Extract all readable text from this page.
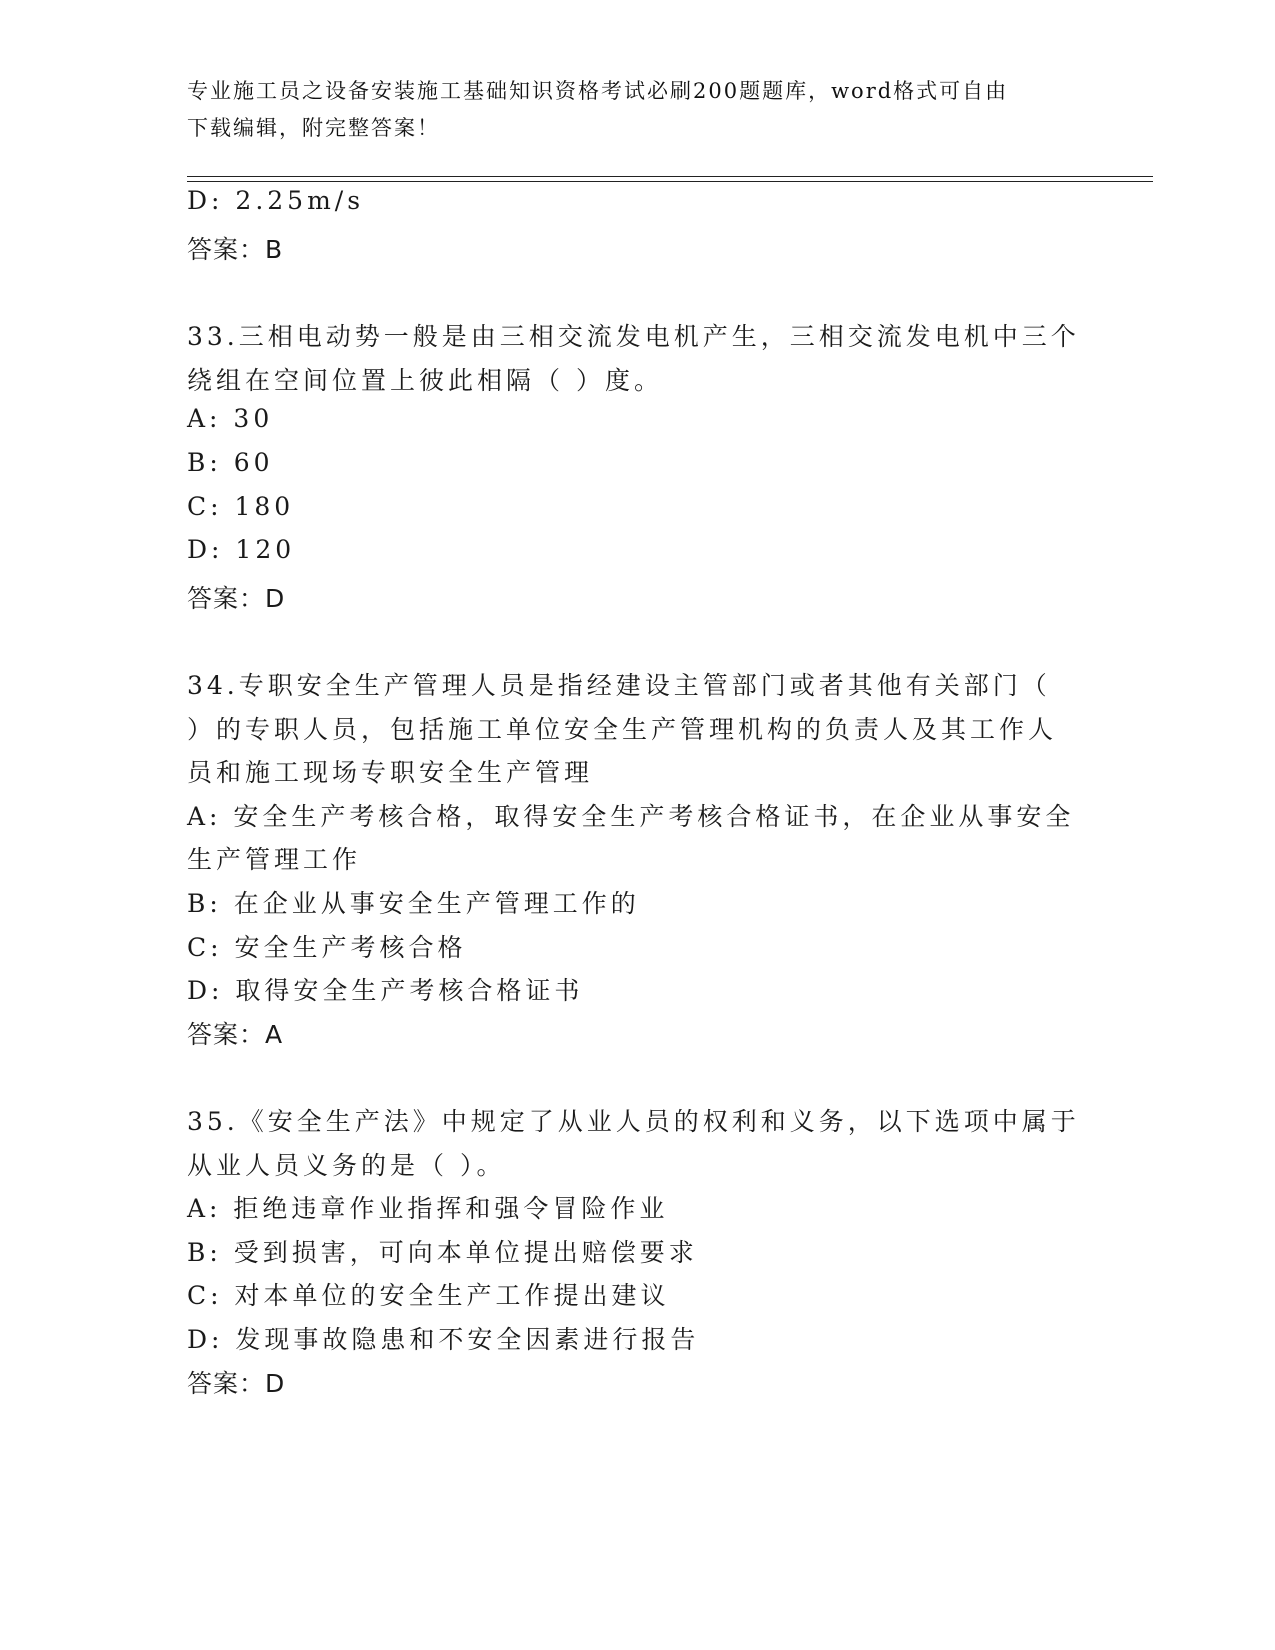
专业施工员之设备安装施工基础知识资格考试必刷200题题库，word格式可自由
下载编辑，附完整答案！
D: 2.25m/s
答案：B
33.三相电动势一般是由三相交流发电机产生，三相交流发电机中三个
绕组在空间位置上彼此相隔（ ）度。
A: 30
B: 60
C: 180
D: 120
答案：D
34.专职安全生产管理人员是指经建设主管部门或者其他有关部门（
）的专职人员，包括施工单位安全生产管理机构的负责人及其工作人
员和施工现场专职安全生产管理
A: 安全生产考核合格，取得安全生产考核合格证书，在企业从事安全
生产管理工作
B: 在企业从事安全生产管理工作的
C: 安全生产考核合格
D: 取得安全生产考核合格证书
答案：A
35.《安全生产法》中规定了从业人员的权利和义务，以下选项中属于
从业人员义务的是（ ）。
A: 拒绝违章作业指挥和强令冒险作业
B: 受到损害，可向本单位提出赔偿要求
C: 对本单位的安全生产工作提出建议
D: 发现事故隐患和不安全因素进行报告
答案：D
